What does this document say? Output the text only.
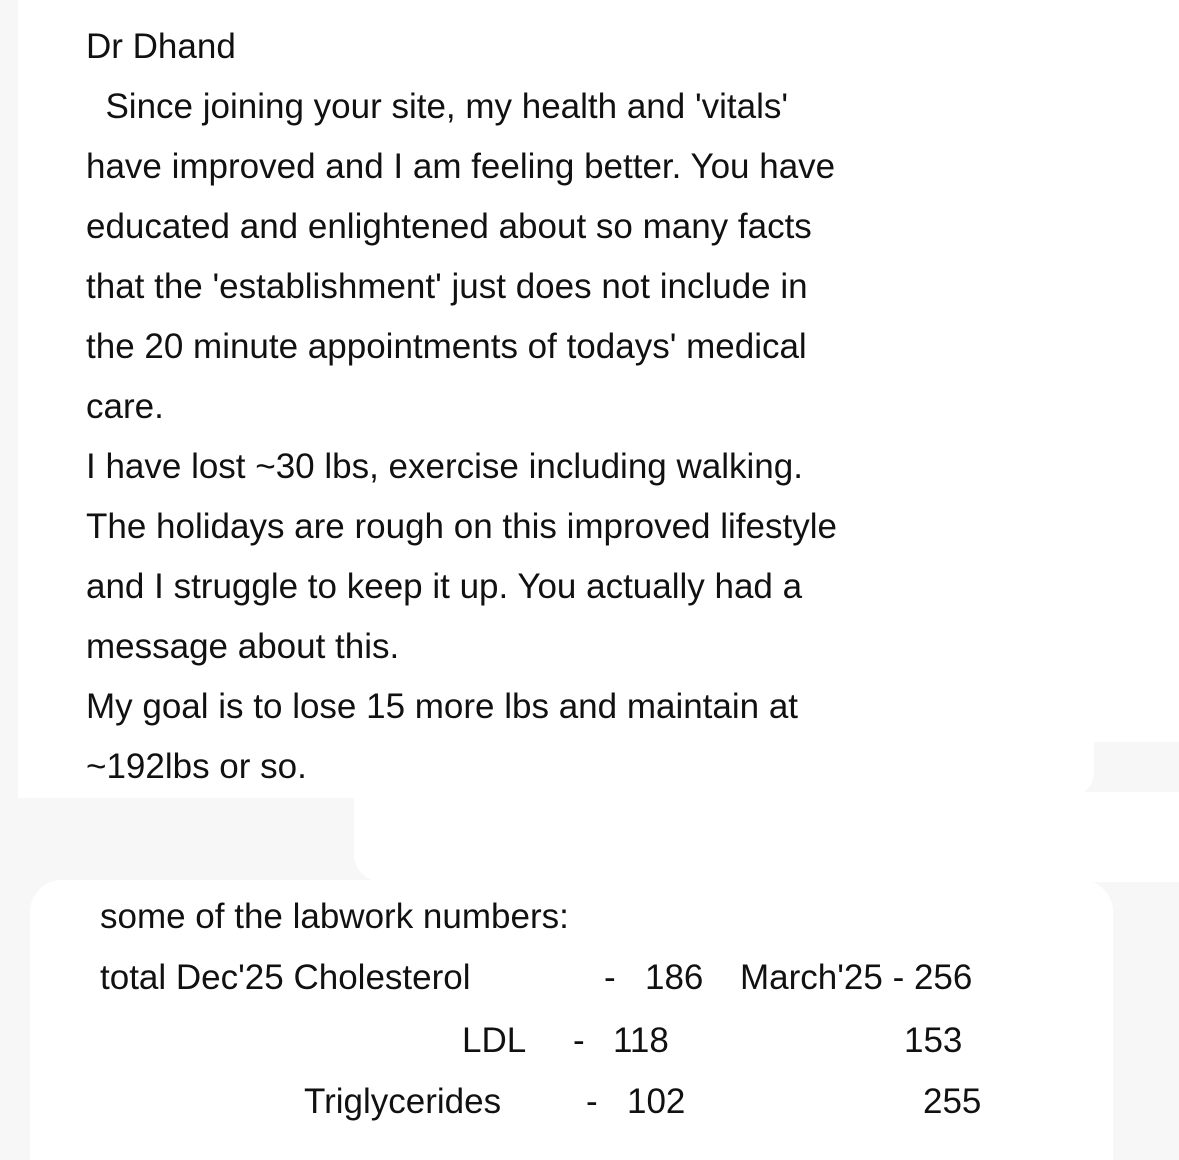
Dr Dhand

Since joining your site, my health and 'vitals'

have improved and I am feeling better. You have

educated and enlightened about so many facts

that the 'establishment' just does not include in

the 20 minute appointments of todays' medical

care.

I have lost ~30 lbs, exercise including walking.

The holidays are rough on this improved lifestyle

and I struggle to keep it up. You actually had a

message about this.

My goal is to lose 15 more lbs and maintain at

~192lbs or so.

some of the labwork numbers:

total Dec'25 Cholesterol	- 186 March'25 - 256
LDL - 118	153
Triglycerides - 102	255
